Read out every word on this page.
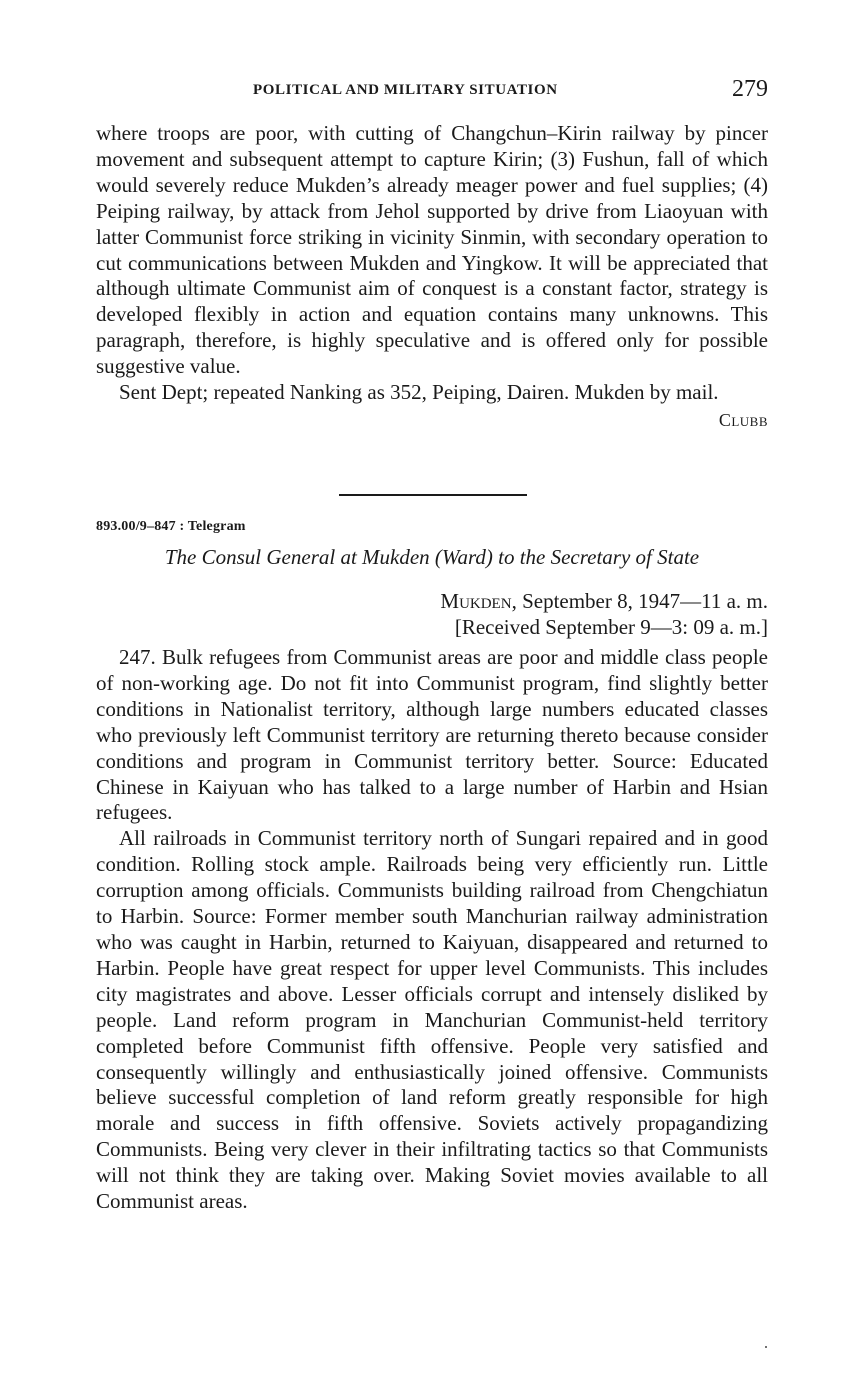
POLITICAL AND MILITARY SITUATION	279

where troops are poor, with cutting of Changchun–Kirin railway by pincer movement and subsequent attempt to capture Kirin; (3) Fushun, fall of which would severely reduce Mukden’s already meager power and fuel supplies; (4) Peiping railway, by attack from Jehol supported by drive from Liaoyuan with latter Communist force striking in vicinity Sinmin, with secondary operation to cut communications between Mukden and Yingkow. It will be appreciated that although ultimate Communist aim of conquest is a constant factor, strategy is developed flexibly in action and equation contains many unknowns. This paragraph, therefore, is highly speculative and is offered only for possible suggestive value.

Sent Dept; repeated Nanking as 352, Peiping, Dairen. Mukden by mail.

Clubb

893.00/9–847 : Telegram
The Consul General at Mukden (Ward) to the Secretary of State
Mukden, September 8, 1947—11 a. m.
[Received September 9—3: 09 a. m.]

247. Bulk refugees from Communist areas are poor and middle class people of non-working age. Do not fit into Communist program, find slightly better conditions in Nationalist territory, although large numbers educated classes who previously left Communist territory are returning thereto because consider conditions and program in Communist territory better. Source: Educated Chinese in Kaiyuan who has talked to a large number of Harbin and Hsian refugees.

All railroads in Communist territory north of Sungari repaired and in good condition. Rolling stock ample. Railroads being very efficiently run. Little corruption among officials. Communists building railroad from Chengchiatun to Harbin. Source: Former member south Manchurian railway administration who was caught in Harbin, returned to Kaiyuan, disappeared and returned to Harbin. People have great respect for upper level Communists. This includes city magistrates and above. Lesser officials corrupt and intensely disliked by people. Land reform program in Manchurian Communist-held territory completed before Communist fifth offensive. People very satisfied and consequently willingly and enthusiastically joined offensive. Communists believe successful completion of land reform greatly responsible for high morale and success in fifth offensive. Soviets actively propagandizing Communists. Being very clever in their infiltrating tactics so that Communists will not think they are taking over. Making Soviet movies available to all Communist areas.
